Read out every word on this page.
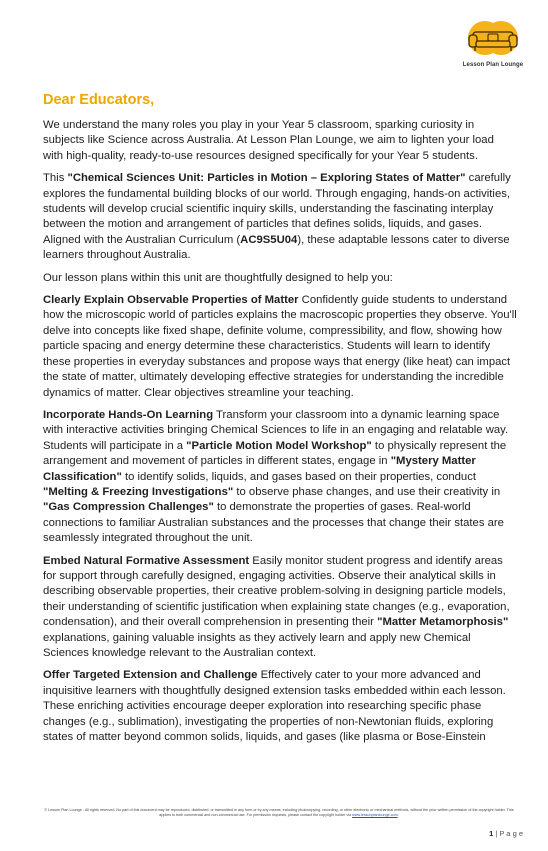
Lesson Plan Lounge
Dear Educators,

We understand the many roles you play in your Year 5 classroom, sparking curiosity in subjects like Science across Australia. At Lesson Plan Lounge, we aim to lighten your load with high-quality, ready-to-use resources designed specifically for your Year 5 students.

This "Chemical Sciences Unit: Particles in Motion – Exploring States of Matter" carefully explores the fundamental building blocks of our world. Through engaging, hands-on activities, students will develop crucial scientific inquiry skills, understanding the fascinating interplay between the motion and arrangement of particles that defines solids, liquids, and gases. Aligned with the Australian Curriculum (AC9S5U04), these adaptable lessons cater to diverse learners throughout Australia.

Our lesson plans within this unit are thoughtfully designed to help you:

Clearly Explain Observable Properties of Matter Confidently guide students to understand how the microscopic world of particles explains the macroscopic properties they observe. You'll delve into concepts like fixed shape, definite volume, compressibility, and flow, showing how particle spacing and energy determine these characteristics. Students will learn to identify these properties in everyday substances and propose ways that energy (like heat) can impact the state of matter, ultimately developing effective strategies for understanding the incredible dynamics of matter. Clear objectives streamline your teaching.

Incorporate Hands-On Learning Transform your classroom into a dynamic learning space with interactive activities bringing Chemical Sciences to life in an engaging and relatable way. Students will participate in a "Particle Motion Model Workshop" to physically represent the arrangement and movement of particles in different states, engage in "Mystery Matter Classification" to identify solids, liquids, and gases based on their properties, conduct "Melting & Freezing Investigations" to observe phase changes, and use their creativity in "Gas Compression Challenges" to demonstrate the properties of gases. Real-world connections to familiar Australian substances and the processes that change their states are seamlessly integrated throughout the unit.

Embed Natural Formative Assessment Easily monitor student progress and identify areas for support through carefully designed, engaging activities. Observe their analytical skills in describing observable properties, their creative problem-solving in designing particle models, their understanding of scientific justification when explaining state changes (e.g., evaporation, condensation), and their overall comprehension in presenting their "Matter Metamorphosis" explanations, gaining valuable insights as they actively learn and apply new Chemical Sciences knowledge relevant to the Australian context.

Offer Targeted Extension and Challenge Effectively cater to your more advanced and inquisitive learners with thoughtfully designed extension tasks embedded within each lesson. These enriching activities encourage deeper exploration into researching specific phase changes (e.g., sublimation), investigating the properties of non-Newtonian fluids, exploring states of matter beyond common solids, liquids, and gases (like plasma or Bose-Einstein

© Lesson Plan Lounge - All rights reserved. No part of this document may be reproduced, distributed, or transmitted in any form or by any means, including photocopying, recording, or other electronic or mechanical methods, without the prior written permission of the copyright holder. This applies to both commercial and non-commercial use. For permission requests, please contact the copyright holder via www.lessonplanlounge.com.
1 | P a g e
